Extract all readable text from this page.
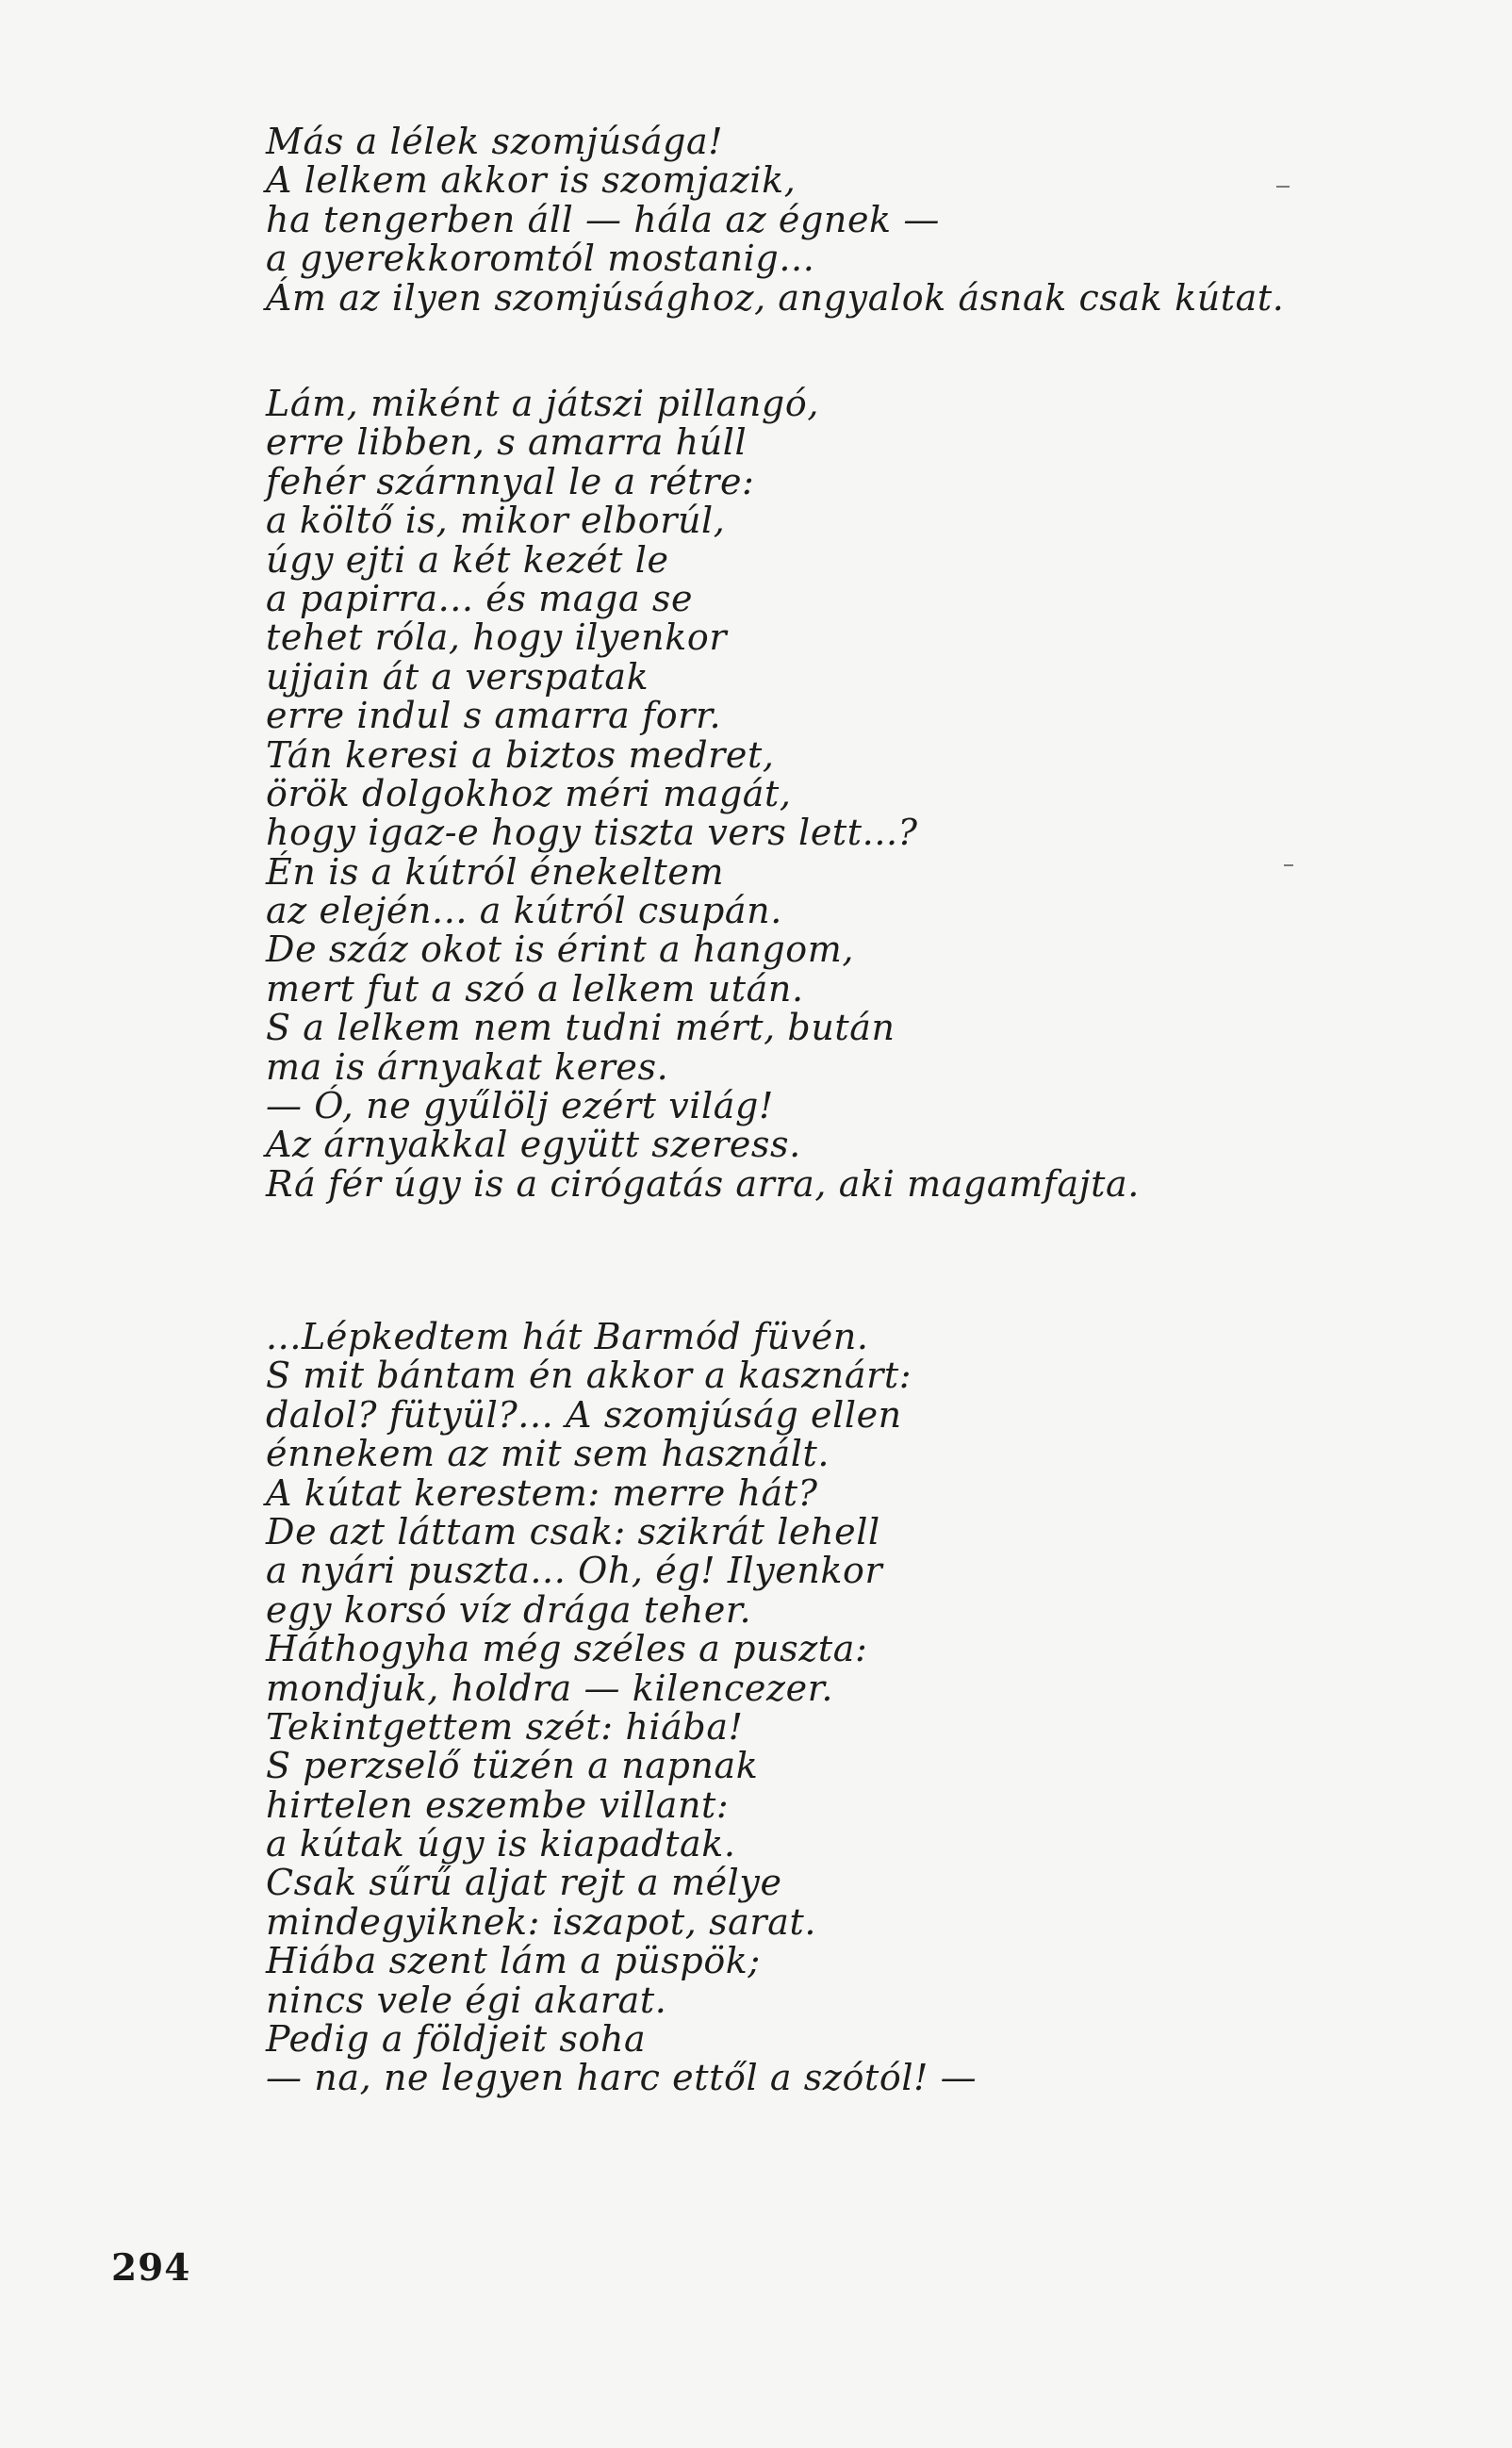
Más a lélek szomjúsága!
A lelkem akkor is szomjazik,
ha tengerben áll — hála az égnek —
a gyerekkoromtól mostanig...
Ám az ilyen szomjúsághoz, angyalok ásnak csak kútat.
Lám, miként a játszi pillangó,
erre libben, s amarra húll
fehér szárnnyal le a rétre:
a költő is, mikor elborúl,
úgy ejti a két kezét le
a papirra... és maga se
tehet róla, hogy ilyenkor
ujjain át a verspatak
erre indul s amarra forr.
Tán keresi a biztos medret,
örök dolgokhoz méri magát,
hogy igaz-e hogy tiszta vers lett...?
Én is a kútról énekeltem
az elején... a kútról csupán.
De száz okot is érint a hangom,
mert fut a szó a lelkem után.
S a lelkem nem tudni mért, bután
ma is árnyakat keres.
— Ó, ne gyűlölj ezért világ!
Az árnyakkal együtt szeress.
Rá fér úgy is a cirógatás arra, aki magamfajta.
...Lépkedtem hát Barmód füvén.
S mit bántam én akkor a kasznárt:
dalol? fütyül?... A szomjúság ellen
énnekem az mit sem használt.
A kútat kerestem: merre hát?
De azt láttam csak: szikrát lehell
a nyári puszta... Oh, ég! Ilyenkor
egy korsó víz drága teher.
Háthogyha még széles a puszta:
mondjuk, holdra — kilencezer.
Tekintgettem szét: hiába!
S perzselő tüzén a napnak
hirtelen eszembe villant:
a kútak úgy is kiapadtak.
Csak sűrű aljat rejt a mélye
mindegyiknek: iszapot, sarat.
Hiába szent lám a püspök;
nincs vele égi akarat.
Pedig a földjeit soha
— na, ne legyen harc ettől a szótól! —
294
